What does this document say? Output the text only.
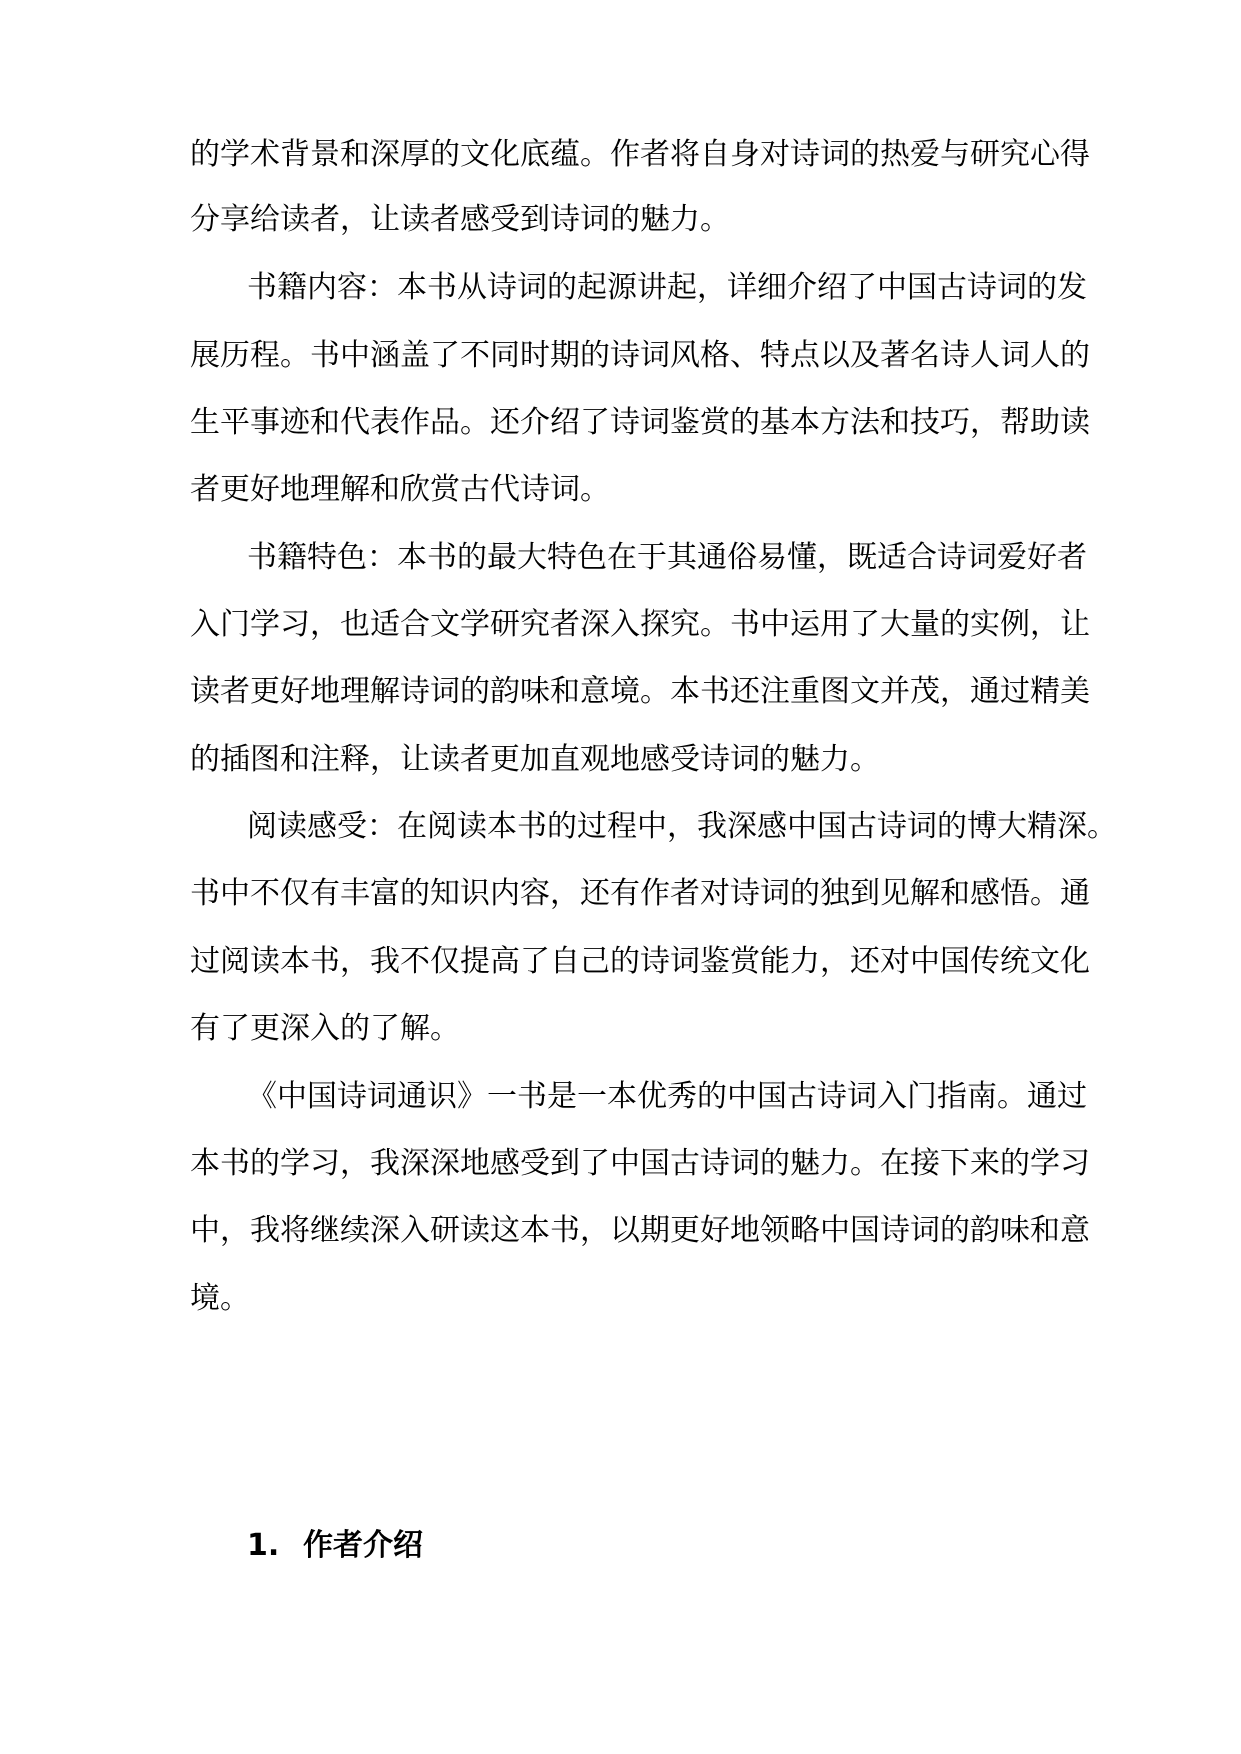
的学术背景和深厚的文化底蕴。作者将自身对诗词的热爱与研究心得
分享给读者，让读者感受到诗词的魅力。
书籍内容：本书从诗词的起源讲起，详细介绍了中国古诗词的发
展历程。书中涵盖了不同时期的诗词风格、特点以及著名诗人词人的
生平事迹和代表作品。还介绍了诗词鉴赏的基本方法和技巧，帮助读
者更好地理解和欣赏古代诗词。
书籍特色：本书的最大特色在于其通俗易懂，既适合诗词爱好者
入门学习，也适合文学研究者深入探究。书中运用了大量的实例，让
读者更好地理解诗词的韵味和意境。本书还注重图文并茂，通过精美
的插图和注释，让读者更加直观地感受诗词的魅力。
阅读感受：在阅读本书的过程中，我深感中国古诗词的博大精深。
书中不仅有丰富的知识内容，还有作者对诗词的独到见解和感悟。通
过阅读本书，我不仅提高了自己的诗词鉴赏能力，还对中国传统文化
有了更深入的了解。
《中国诗词通识》一书是一本优秀的中国古诗词入门指南。通过
本书的学习，我深深地感受到了中国古诗词的魅力。在接下来的学习
中，我将继续深入研读这本书，以期更好地领略中国诗词的韵味和意
境。
1. 作者介绍
